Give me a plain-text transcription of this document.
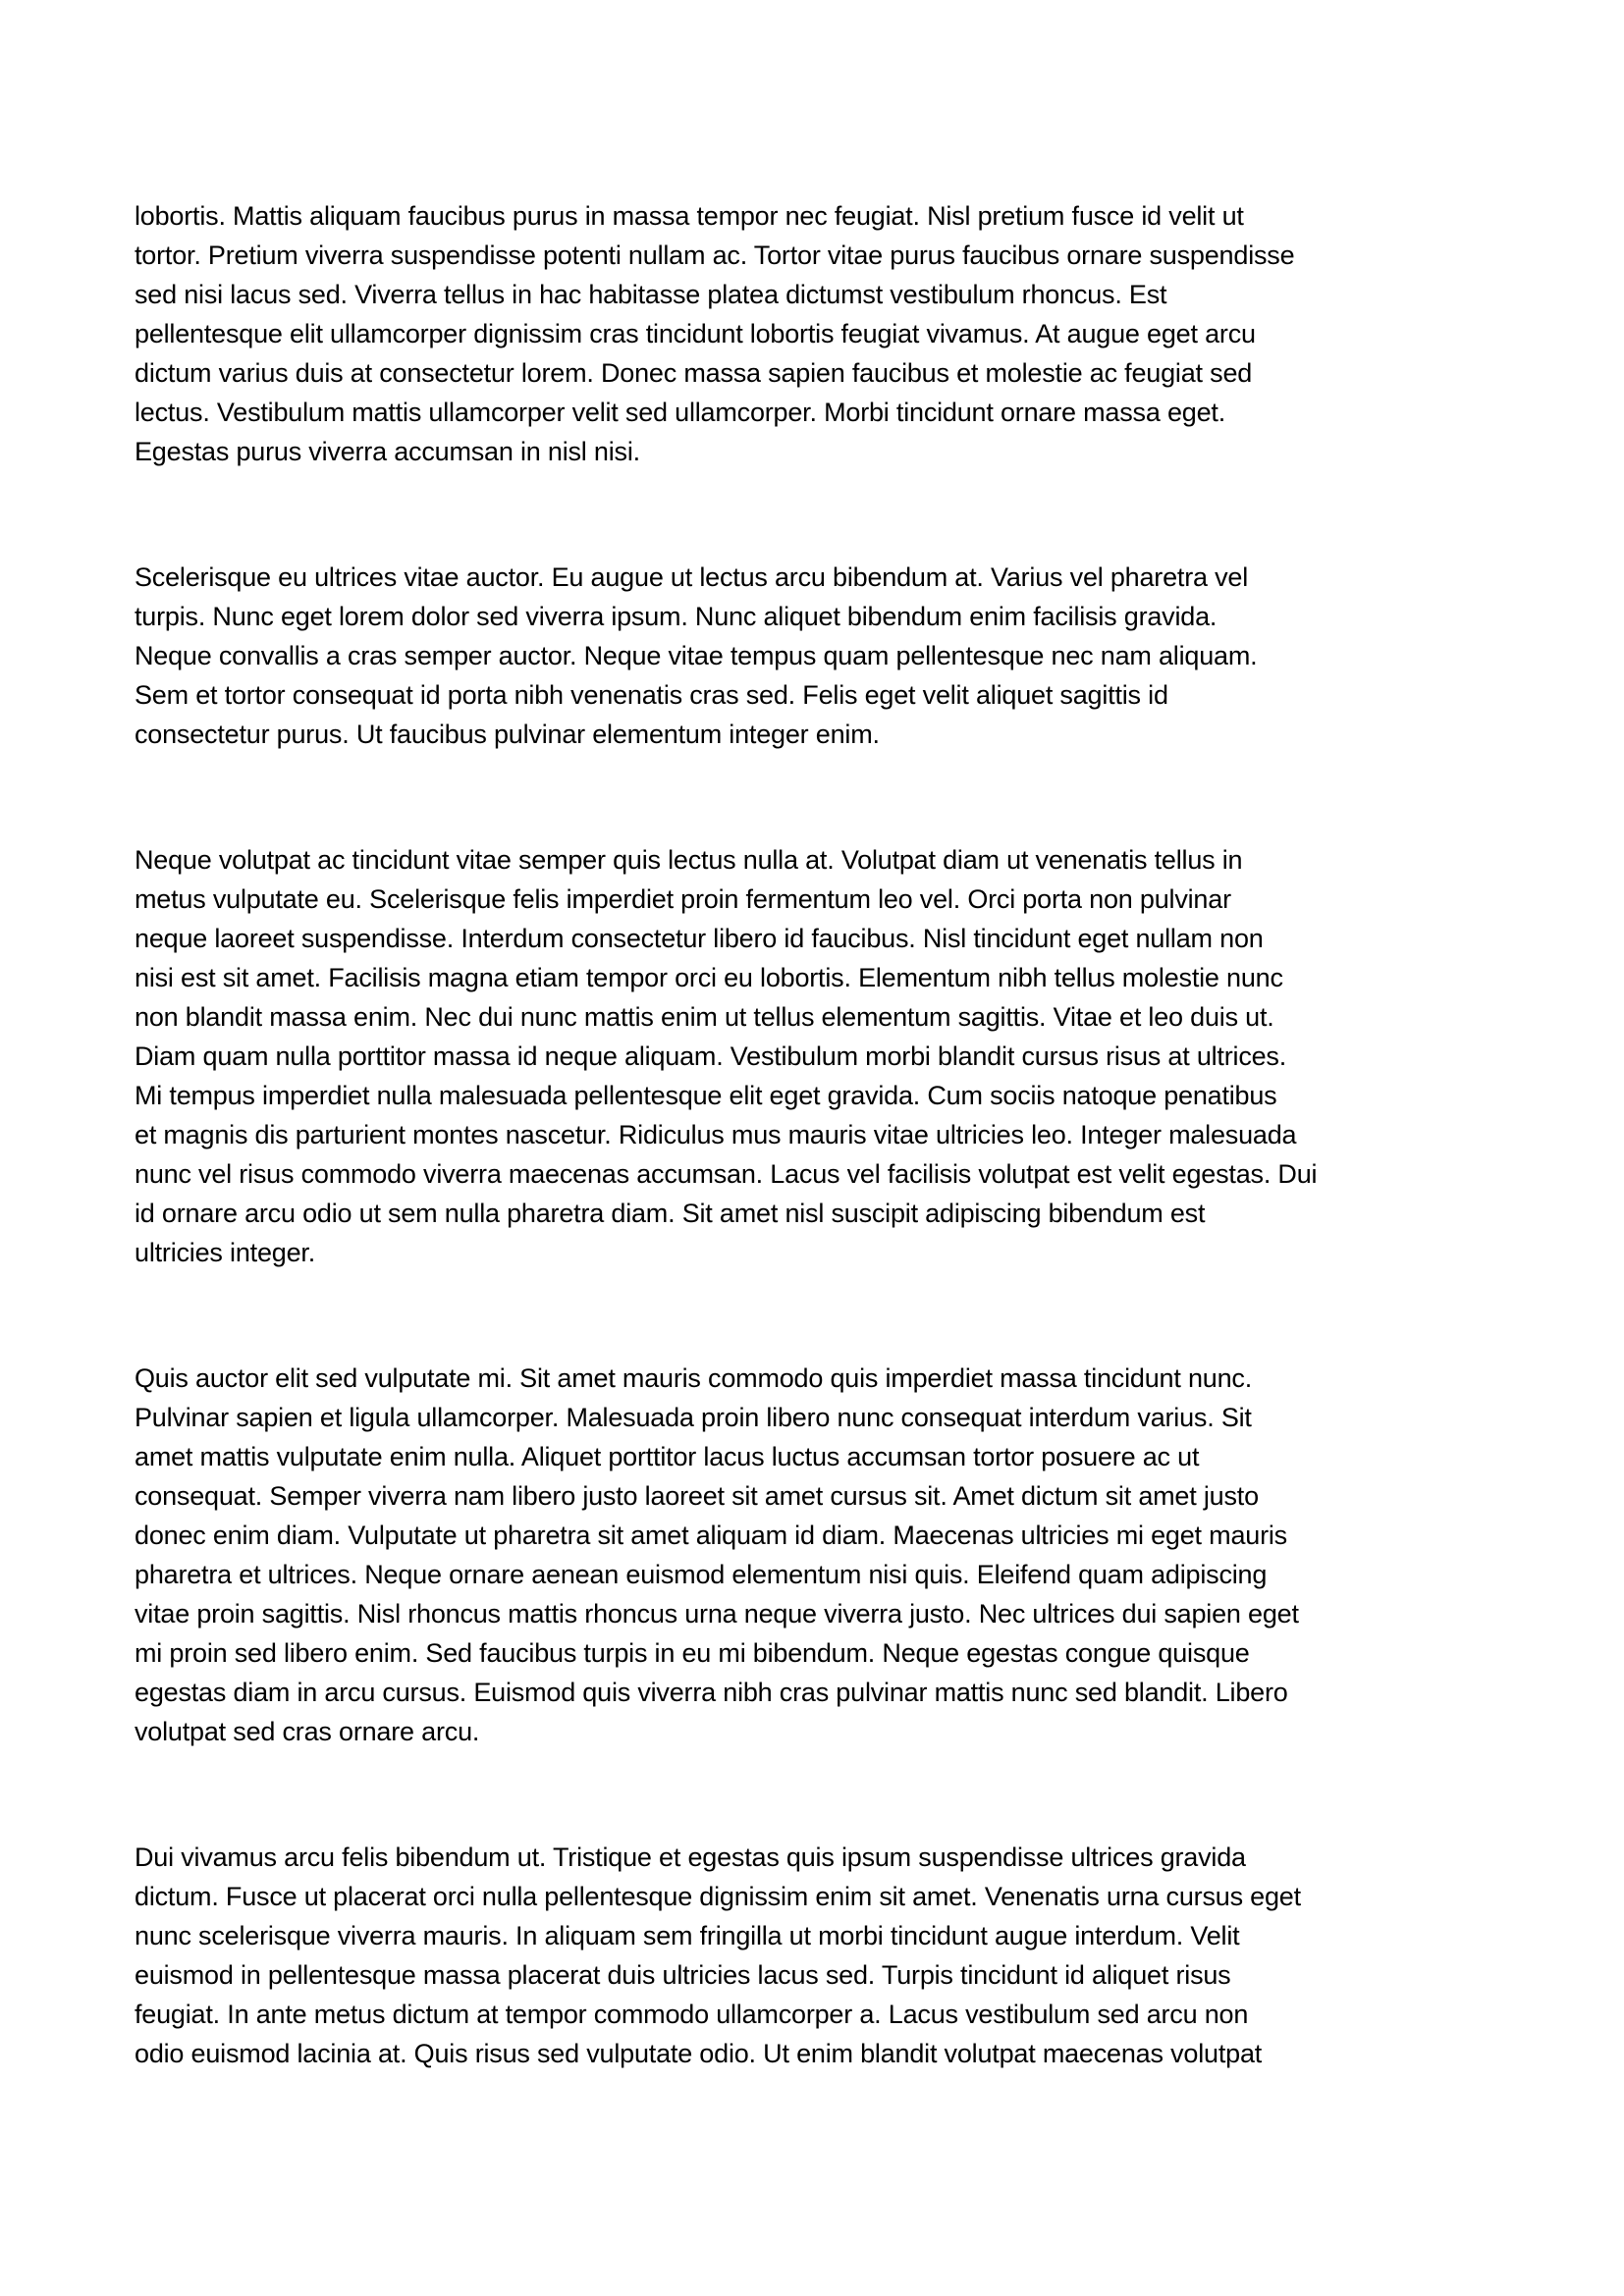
lobortis. Mattis aliquam faucibus purus in massa tempor nec feugiat. Nisl pretium fusce id velit ut
tortor. Pretium viverra suspendisse potenti nullam ac. Tortor vitae purus faucibus ornare suspendisse
sed nisi lacus sed. Viverra tellus in hac habitasse platea dictumst vestibulum rhoncus. Est
pellentesque elit ullamcorper dignissim cras tincidunt lobortis feugiat vivamus. At augue eget arcu
dictum varius duis at consectetur lorem. Donec massa sapien faucibus et molestie ac feugiat sed
lectus. Vestibulum mattis ullamcorper velit sed ullamcorper. Morbi tincidunt ornare massa eget.
Egestas purus viverra accumsan in nisl nisi.
Scelerisque eu ultrices vitae auctor. Eu augue ut lectus arcu bibendum at. Varius vel pharetra vel
turpis. Nunc eget lorem dolor sed viverra ipsum. Nunc aliquet bibendum enim facilisis gravida.
Neque convallis a cras semper auctor. Neque vitae tempus quam pellentesque nec nam aliquam.
Sem et tortor consequat id porta nibh venenatis cras sed. Felis eget velit aliquet sagittis id
consectetur purus. Ut faucibus pulvinar elementum integer enim.
Neque volutpat ac tincidunt vitae semper quis lectus nulla at. Volutpat diam ut venenatis tellus in
metus vulputate eu. Scelerisque felis imperdiet proin fermentum leo vel. Orci porta non pulvinar
neque laoreet suspendisse. Interdum consectetur libero id faucibus. Nisl tincidunt eget nullam non
nisi est sit amet. Facilisis magna etiam tempor orci eu lobortis. Elementum nibh tellus molestie nunc
non blandit massa enim. Nec dui nunc mattis enim ut tellus elementum sagittis. Vitae et leo duis ut.
Diam quam nulla porttitor massa id neque aliquam. Vestibulum morbi blandit cursus risus at ultrices.
Mi tempus imperdiet nulla malesuada pellentesque elit eget gravida. Cum sociis natoque penatibus
et magnis dis parturient montes nascetur. Ridiculus mus mauris vitae ultricies leo. Integer malesuada
nunc vel risus commodo viverra maecenas accumsan. Lacus vel facilisis volutpat est velit egestas. Dui
id ornare arcu odio ut sem nulla pharetra diam. Sit amet nisl suscipit adipiscing bibendum est
ultricies integer.
Quis auctor elit sed vulputate mi. Sit amet mauris commodo quis imperdiet massa tincidunt nunc.
Pulvinar sapien et ligula ullamcorper. Malesuada proin libero nunc consequat interdum varius. Sit
amet mattis vulputate enim nulla. Aliquet porttitor lacus luctus accumsan tortor posuere ac ut
consequat. Semper viverra nam libero justo laoreet sit amet cursus sit. Amet dictum sit amet justo
donec enim diam. Vulputate ut pharetra sit amet aliquam id diam. Maecenas ultricies mi eget mauris
pharetra et ultrices. Neque ornare aenean euismod elementum nisi quis. Eleifend quam adipiscing
vitae proin sagittis. Nisl rhoncus mattis rhoncus urna neque viverra justo. Nec ultrices dui sapien eget
mi proin sed libero enim. Sed faucibus turpis in eu mi bibendum. Neque egestas congue quisque
egestas diam in arcu cursus. Euismod quis viverra nibh cras pulvinar mattis nunc sed blandit. Libero
volutpat sed cras ornare arcu.
Dui vivamus arcu felis bibendum ut. Tristique et egestas quis ipsum suspendisse ultrices gravida
dictum. Fusce ut placerat orci nulla pellentesque dignissim enim sit amet. Venenatis urna cursus eget
nunc scelerisque viverra mauris. In aliquam sem fringilla ut morbi tincidunt augue interdum. Velit
euismod in pellentesque massa placerat duis ultricies lacus sed. Turpis tincidunt id aliquet risus
feugiat. In ante metus dictum at tempor commodo ullamcorper a. Lacus vestibulum sed arcu non
odio euismod lacinia at. Quis risus sed vulputate odio. Ut enim blandit volutpat maecenas volutpat
